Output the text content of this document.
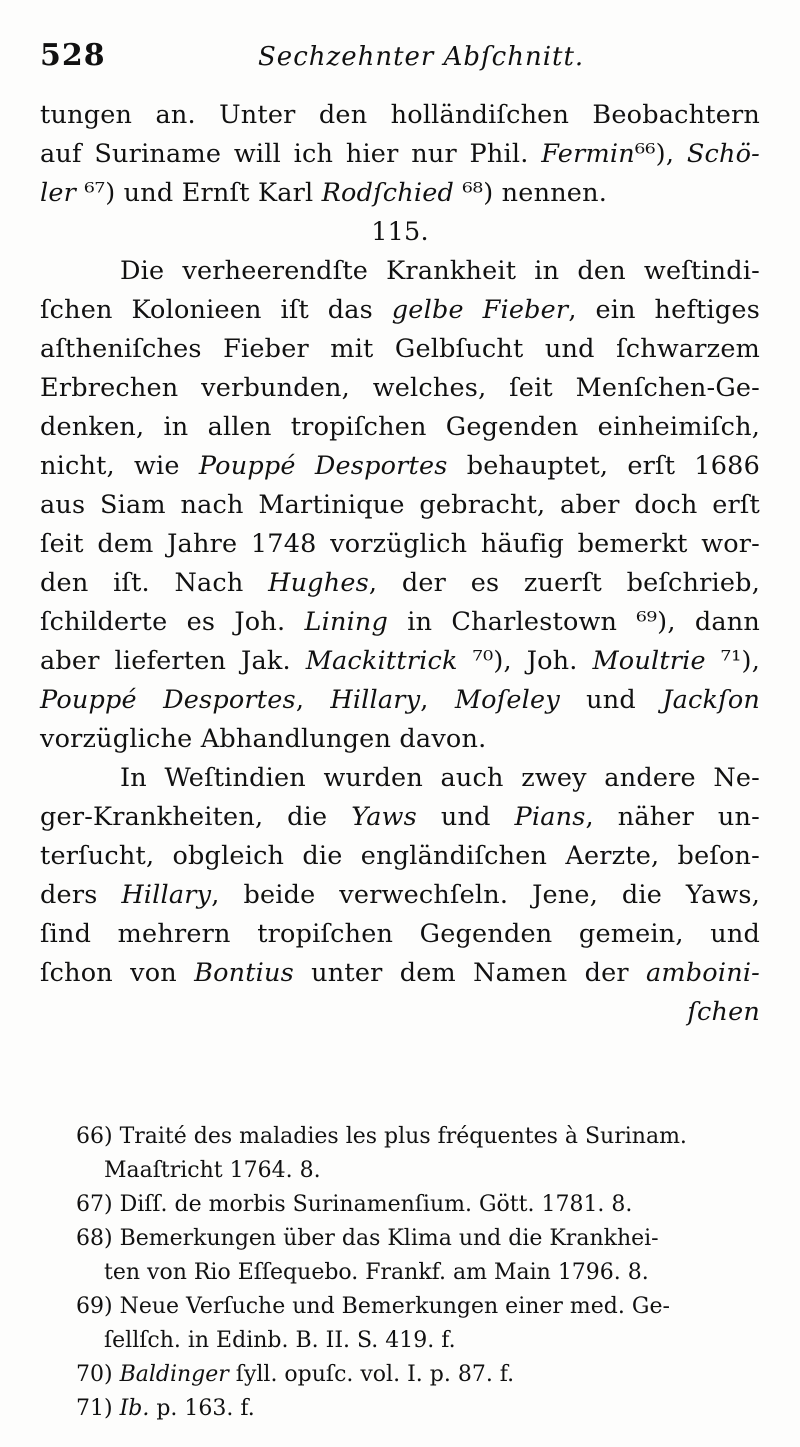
528	Sechzehnter Abſchnitt.
tungen an. Unter den holländiſchen Beobachtern
auf Suriname will ich hier nur Phil. Fermin⁶⁶), Schö-
ler ⁶⁷) und Ernſt Karl Rodſchied ⁶⁸) nennen.
115.
Die verheerendſte Krankheit in den weſtindi-
ſchen Kolonieen iſt das gelbe Fieber, ein heftiges
aſtheniſches Fieber mit Gelbſucht und ſchwarzem
Erbrechen verbunden, welches, ſeit Menſchen-Ge-
denken, in allen tropiſchen Gegenden einheimiſch,
nicht, wie Pouppé Desportes behauptet, erſt 1686
aus Siam nach Martinique gebracht, aber doch erſt
ſeit dem Jahre 1748 vorzüglich häufig bemerkt wor-
den iſt. Nach Hughes, der es zuerſt beſchrieb,
ſchilderte es Joh. Lining in Charlestown ⁶⁹), dann
aber lieferten Jak. Mackittrick ⁷⁰), Joh. Moultrie ⁷¹),
Pouppé Desportes, Hillary, Moſeley und Jackſon
vorzügliche Abhandlungen davon.
In Weſtindien wurden auch zwey andere Ne-
ger-Krankheiten, die Yaws und Pians, näher un-
terſucht, obgleich die engländiſchen Aerzte, beſon-
ders Hillary, beide verwechſeln. Jene, die Yaws,
ſind mehrern tropiſchen Gegenden gemein, und
ſchon von Bontius unter dem Namen der amboini-
ſchen
66) Traité des maladies les plus fréquentes à Surinam.
Maaſtricht 1764. 8.
67) Diſſ. de morbis Surinamenſium. Gött. 1781. 8.
68) Bemerkungen über das Klima und die Krankhei-
ten von Rio Eſſequebo. Frankf. am Main 1796. 8.
69) Neue Verſuche und Bemerkungen einer med. Ge-
ſellſch. in Edinb. B. II. S. 419. f.
70) Baldinger ſyll. opuſc. vol. I. p. 87. f.
71) Ib. p. 163. f.
